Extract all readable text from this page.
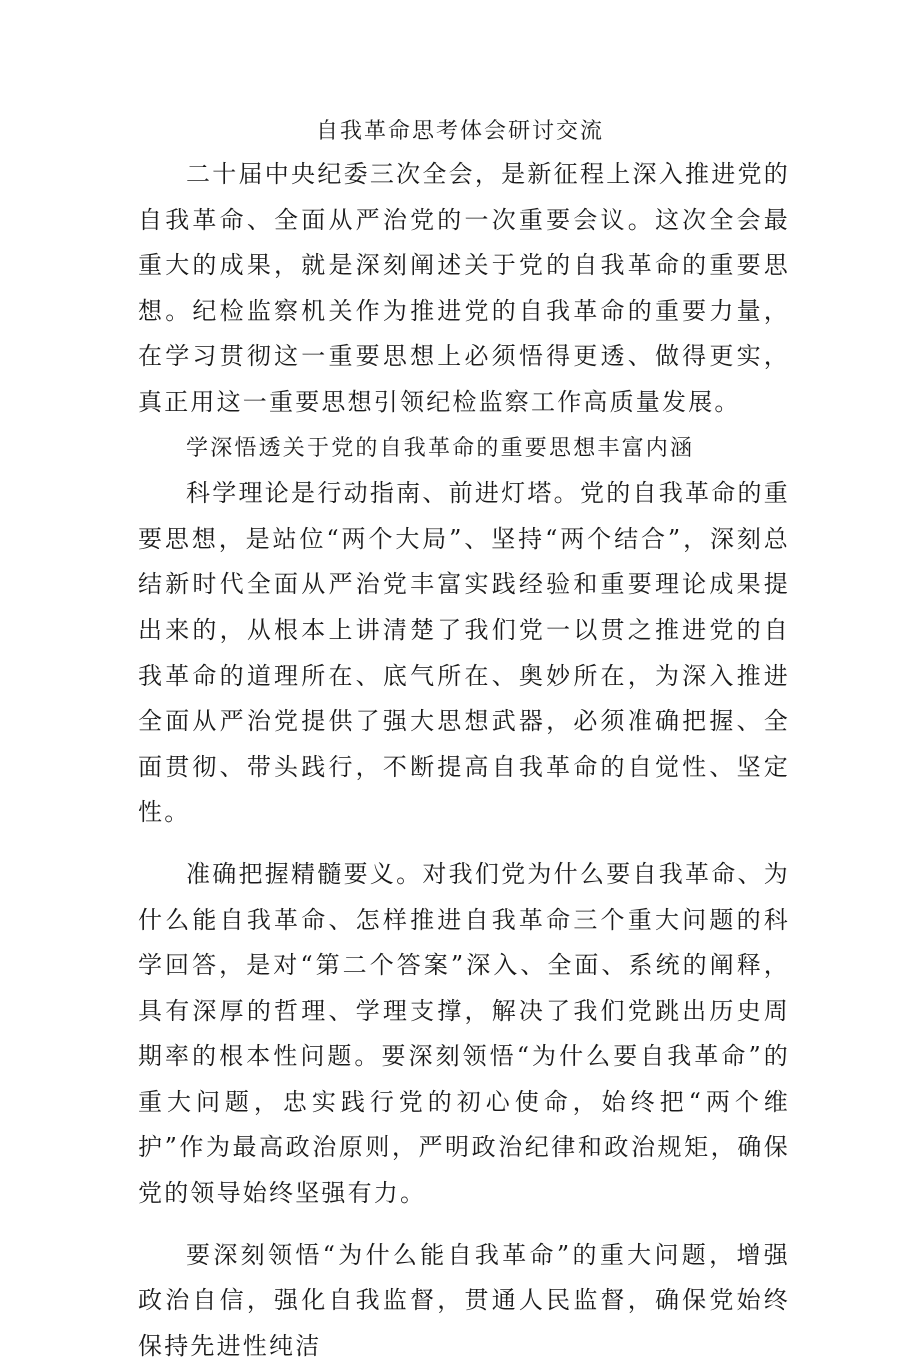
自我革命思考体会研讨交流

二十届中央纪委三次全会，是新征程上深入推进党的自我革命、全面从严治党的一次重要会议。这次全会最重大的成果，就是深刻阐述关于党的自我革命的重要思想。纪检监察机关作为推进党的自我革命的重要力量，在学习贯彻这一重要思想上必须悟得更透、做得更实，真正用这一重要思想引领纪检监察工作高质量发展。

学深悟透关于党的自我革命的重要思想丰富内涵

科学理论是行动指南、前进灯塔。党的自我革命的重要思想，是站位“两个大局”、坚持“两个结合”，深刻总结新时代全面从严治党丰富实践经验和重要理论成果提出来的，从根本上讲清楚了我们党一以贯之推进党的自我革命的道理所在、底气所在、奥妙所在，为深入推进全面从严治党提供了强大思想武器，必须准确把握、全面贯彻、带头践行，不断提高自我革命的自觉性、坚定性。

准确把握精髓要义。对我们党为什么要自我革命、为什么能自我革命、怎样推进自我革命三个重大问题的科学回答，是对“第二个答案”深入、全面、系统的阐释，具有深厚的哲理、学理支撑，解决了我们党跳出历史周期率的根本性问题。要深刻领悟“为什么要自我革命”的重大问题，忠实践行党的初心使命，始终把“两个维护”作为最高政治原则，严明政治纪律和政治规矩，确保党的领导始终坚强有力。

要深刻领悟“为什么能自我革命”的重大问题，增强政治自信，强化自我监督，贯通人民监督，确保党始终保持先进性纯洁
